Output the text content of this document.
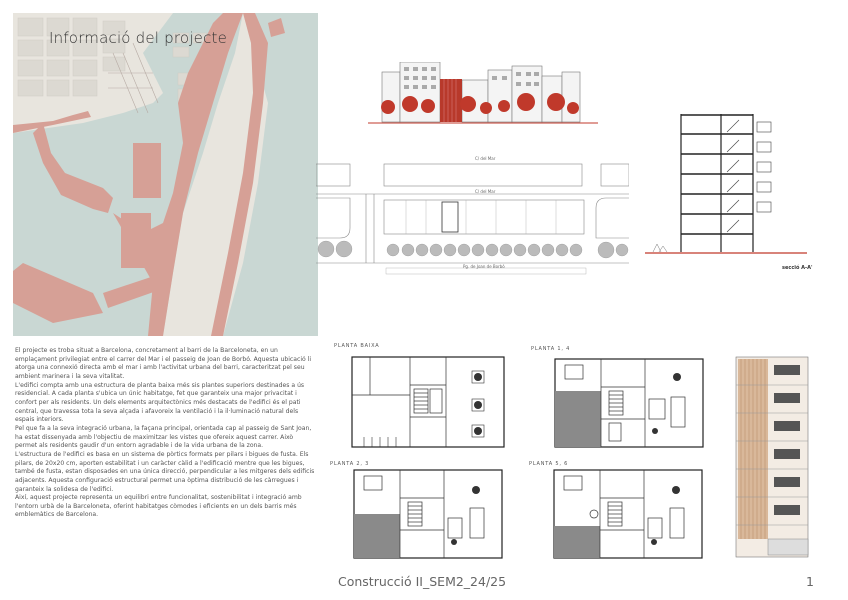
Informació del projecte
C/ del Mar
C/ del Mar
Pg. de Joan de Borbó	secció A-A'

El projecte es troba situat a Barcelona, concretament al barri de la Barceloneta, en un emplaçament privilegiat entre el carrer del Mar i el passeig de Joan de Borbó. Aquesta ubicació li atorga una connexió directa amb el mar i amb l'activitat urbana del barri, caracteritzat pel seu ambient marinera i la seva vitalitat.

L'edifici compta amb una estructura de planta baixa més sis plantes superiors destinades a ús residencial. A cada planta s'ubica un únic habitatge, fet que garanteix una major privacitat i confort per als residents. Un dels elements arquitectònics més destacats de l'edifici és el pati central, que travessa tota la seva alçada i afavoreix la ventilació i la il·luminació natural dels espais interiors.

Pel que fa a la seva integració urbana, la façana principal, orientada cap al passeig de Sant Joan, ha estat dissenyada amb l'objectiu de maximitzar les vistes que ofereix aquest carrer. Això permet als residents gaudir d'un entorn agradable i de la vida urbana de la zona.

L'estructura de l'edifici es basa en un sistema de pòrtics formats per pilars i bigues de fusta. Els pilars, de 20x20 cm, aporten estabilitat i un caràcter càlid a l'edificació mentre que les bigues, també de fusta, estan disposades en una única direcció, perpendicular a les mitgeres dels edificis adjacents. Aquesta configuració estructural permet una òptima distribució de les càrregues i garanteix la solidesa de l'edifici.

Així, aquest projecte representa un equilibri entre funcionalitat, sostenibilitat i integració amb l'entorn urbà de la Barceloneta, oferint habitatges còmodes i eficients en un dels barris més emblemàtics de Barcelona.

PLANTA BAIXA	PLANTA 1, 4
PLANTA 2, 3	PLANTA 5, 6
Construcció II_SEM2_24/25	1
